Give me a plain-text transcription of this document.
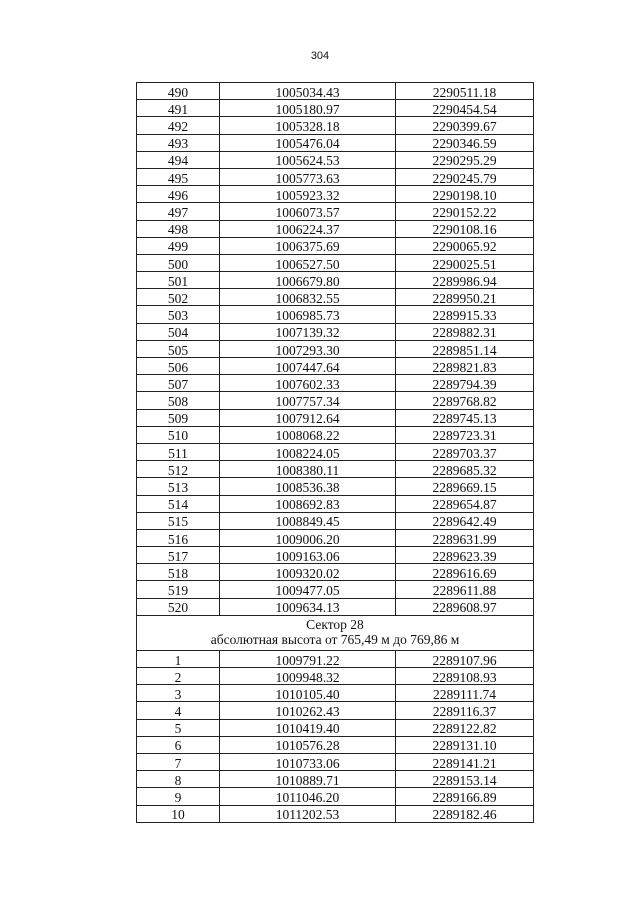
304
490	1005034.43	2290511.18
491	1005180.97	2290454.54
492	1005328.18	2290399.67
493	1005476.04	2290346.59
494	1005624.53	2290295.29
495	1005773.63	2290245.79
496	1005923.32	2290198.10
497	1006073.57	2290152.22
498	1006224.37	2290108.16
499	1006375.69	2290065.92
500	1006527.50	2290025.51
501	1006679.80	2289986.94
502	1006832.55	2289950.21
503	1006985.73	2289915.33
504	1007139.32	2289882.31
505	1007293.30	2289851.14
506	1007447.64	2289821.83
507	1007602.33	2289794.39
508	1007757.34	2289768.82
509	1007912.64	2289745.13
510	1008068.22	2289723.31
511	1008224.05	2289703.37
512	1008380.11	2289685.32
513	1008536.38	2289669.15
514	1008692.83	2289654.87
515	1008849.45	2289642.49
516	1009006.20	2289631.99
517	1009163.06	2289623.39
518	1009320.02	2289616.69
519	1009477.05	2289611.88
520	1009634.13	2289608.97

Сектор 28
абсолютная высота от 765,49 м до 769,86 м		

1	1009791.22	2289107.96
2	1009948.32	2289108.93
3	1010105.40	2289111.74
4	1010262.43	2289116.37
5	1010419.40	2289122.82
6	1010576.28	2289131.10
7	1010733.06	2289141.21
8	1010889.71	2289153.14
9	1011046.20	2289166.89
10	1011202.53	2289182.46
